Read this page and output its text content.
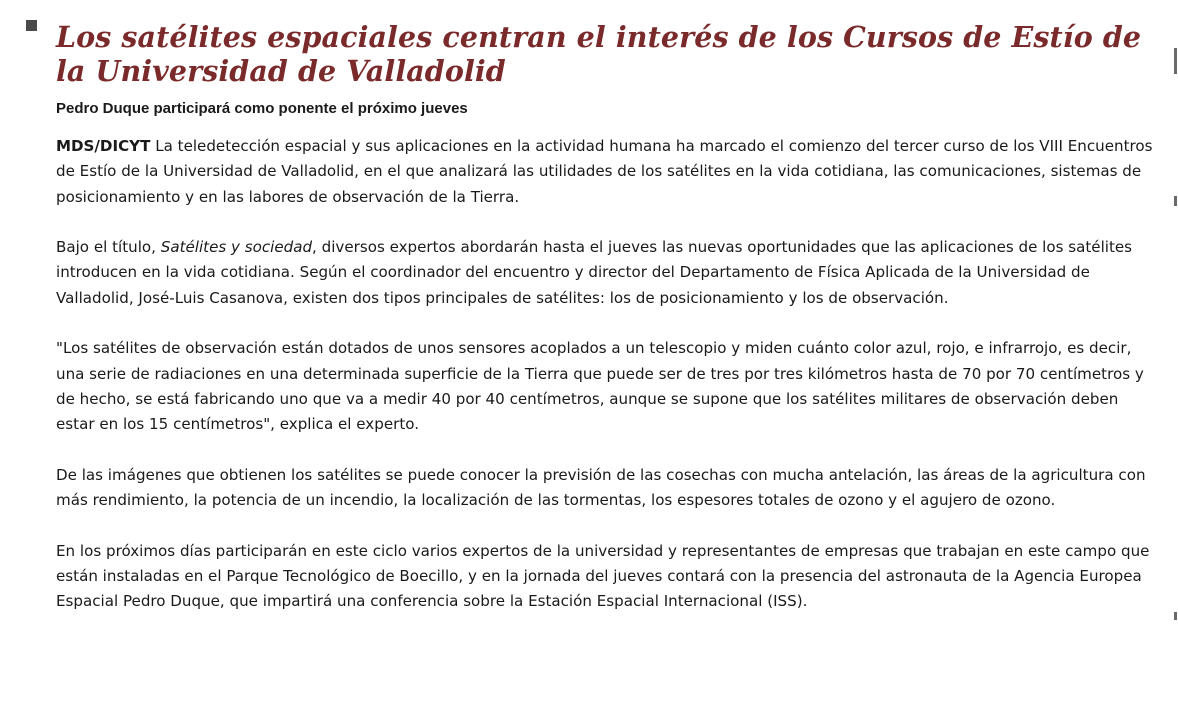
Los satélites espaciales centran el interés de los Cursos de Estío de la Universidad de Valladolid

Pedro Duque participará como ponente el próximo jueves

MDS/DICYT La teledetección espacial y sus aplicaciones en la actividad humana ha marcado el comienzo del tercer curso de los VIII Encuentros de Estío de la Universidad de Valladolid, en el que analizará las utilidades de los satélites en la vida cotidiana, las comunicaciones, sistemas de posicionamiento y en las labores de observación de la Tierra.

Bajo el título, Satélites y sociedad, diversos expertos abordarán hasta el jueves las nuevas oportunidades que las aplicaciones de los satélites introducen en la vida cotidiana. Según el coordinador del encuentro y director del Departamento de Física Aplicada de la Universidad de Valladolid, José-Luis Casanova, existen dos tipos principales de satélites: los de posicionamiento y los de observación.

"Los satélites de observación están dotados de unos sensores acoplados a un telescopio y miden cuánto color azul, rojo, e infrarrojo, es decir, una serie de radiaciones en una determinada superficie de la Tierra que puede ser de tres por tres kilómetros hasta de 70 por 70 centímetros y de hecho, se está fabricando uno que va a medir 40 por 40 centímetros, aunque se supone que los satélites militares de observación deben estar en los 15 centímetros", explica el experto.

De las imágenes que obtienen los satélites se puede conocer la previsión de las cosechas con mucha antelación, las áreas de la agricultura con más rendimiento, la potencia de un incendio, la localización de las tormentas, los espesores totales de ozono y el agujero de ozono.

En los próximos días participarán en este ciclo varios expertos de la universidad y representantes de empresas que trabajan en este campo que están instaladas en el Parque Tecnológico de Boecillo, y en la jornada del jueves contará con la presencia del astronauta de la Agencia Europea Espacial Pedro Duque, que impartirá una conferencia sobre la Estación Espacial Internacional (ISS).
